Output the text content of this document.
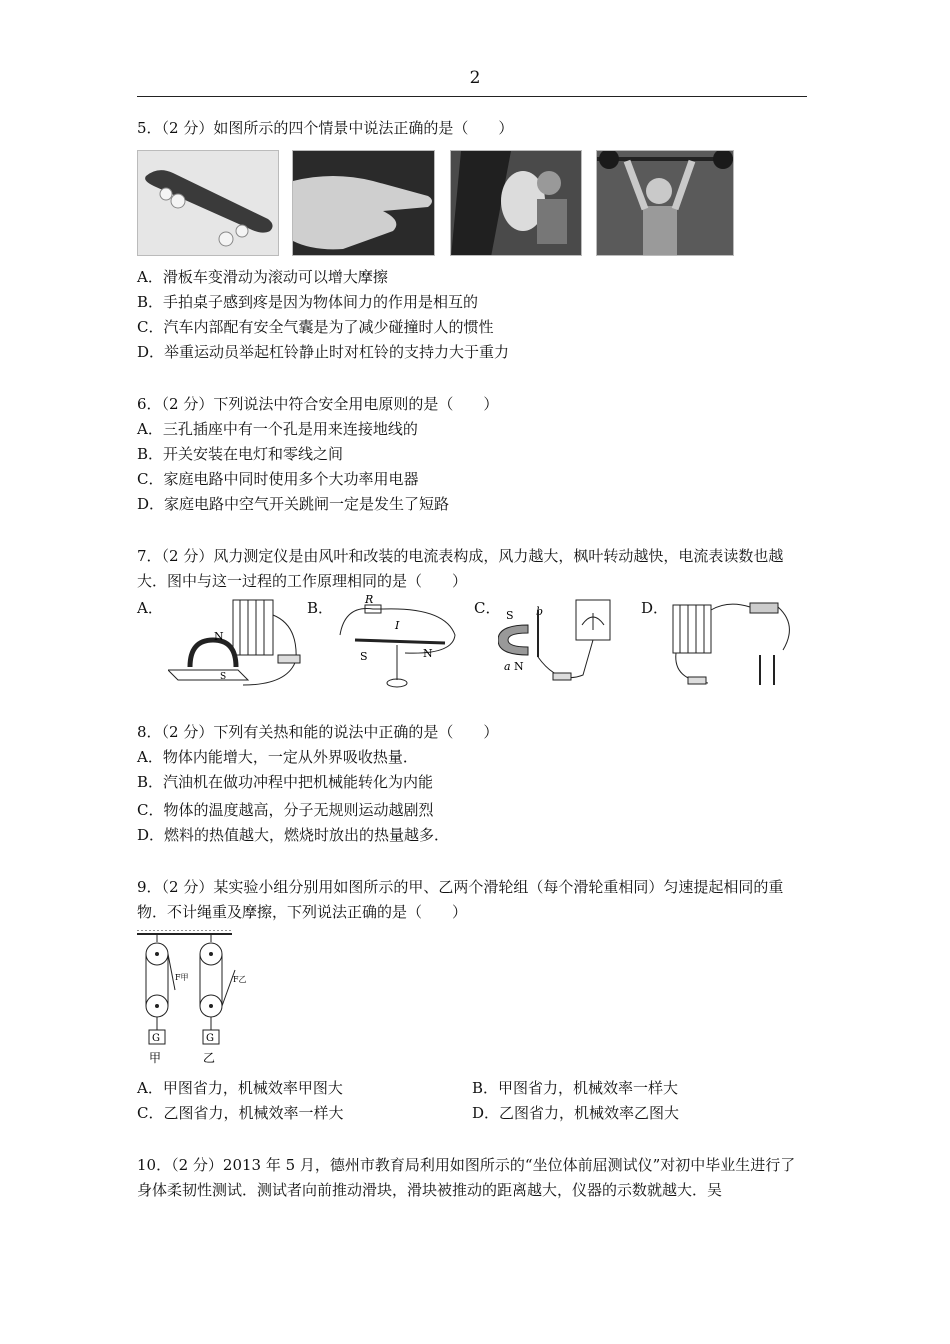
2
5．（2 分）如图所示的四个情景中说法正确的是（　　）
A．滑板车变滑动为滚动可以增大摩擦
B．手拍桌子感到疼是因为物体间力的作用是相互的
C．汽车内部配有安全气囊是为了减少碰撞时人的惯性
D．举重运动员举起杠铃静止时对杠铃的支持力大于重力
6．（2 分）下列说法中符合安全用电原则的是（　　）
A．三孔插座中有一个孔是用来连接地线的
B．开关安装在电灯和零线之间
C．家庭电路中同时使用多个大功率用电器
D．家庭电路中空气开关跳闸一定是发生了短路
7．（2 分）风力测定仪是由风叶和改装的电流表构成，风力越大，枫叶转动越快，电流表读数也越大．图中与这一过程的工作原理相同的是（　　）
A．	B．	C．	D．
N
S
R
I
S	N
S b
a N
8．（2 分）下列有关热和能的说法中正确的是（　　）
A．物体内能增大，一定从外界吸收热量．
B．汽油机在做功冲程中把机械能转化为内能
C．物体的温度越高，分子无规则运动越剧烈
D．燃料的热值越大，燃烧时放出的热量越多．
9．（2 分）某实验小组分别用如图所示的甲、乙两个滑轮组（每个滑轮重相同）匀速提起相同的重物．不计绳重及摩擦，下列说法正确的是（　　）
F甲
G
甲
F乙
G
乙
A．甲图省力，机械效率甲图大	B．甲图省力，机械效率一样大
C．乙图省力，机械效率一样大	D．乙图省力，机械效率乙图大
10．（2 分）2013 年 5 月，德州市教育局利用如图所示的“坐位体前屈测试仪”对初中毕业生进行了身体柔韧性测试．测试者向前推动滑块，滑块被推动的距离越大，仪器的示数就越大．吴
